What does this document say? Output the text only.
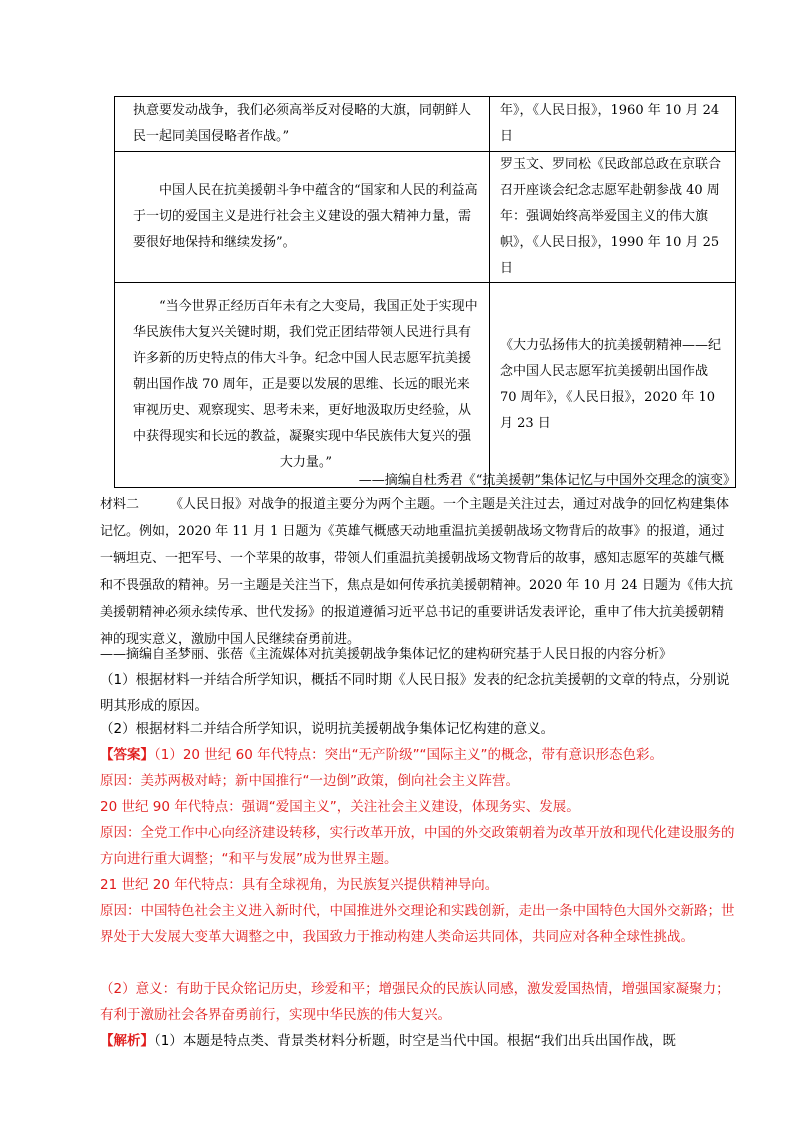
执意要发动战争，我们必须高举反对侵略的大旗，同朝鲜人民一起同美国侵略者作战。”	年》，《人民日报》，1960 年 10 月 24 日

中国人民在抗美援朝斗争中蕴含的“国家和人民的利益高于一切的爱国主义是进行社会主义建设的强大精神力量，需要很好地保持和继续发扬”。	罗玉文、罗同松《民政部总政在京联合召开座谈会纪念志愿军赴朝参战 40 周年：强调始终高举爱国主义的伟大旗帜》，《人民日报》，1990 年 10 月 25 日

“当今世界正经历百年未有之大变局，我国正处于实现中华民族伟大复兴关键时期，我们党正团结带领人民进行具有许多新的历史特点的伟大斗争。纪念中国人民志愿军抗美援朝出国作战 70 周年，正是要以发展的思维、长远的眼光来审视历史、观察现实、思考未来，更好地汲取历史经验，从中获得现实和长远的教益，凝聚实现中华民族伟大复兴的强
大力量。”	《大力弘扬伟大的抗美援朝精神——纪念中国人民志愿军抗美援朝出国作战 70 周年》，《人民日报》，2020 年 10 月 23 日
——摘编自杜秀君《“抗美援朝”集体记忆与中国外交理念的演变》
材料二 《人民日报》对战争的报道主要分为两个主题。一个主题是关注过去，通过对战争的回忆构建集体记忆。例如，2020 年 11 月 1 日题为《英雄气概感天动地重温抗美援朝战场文物背后的故事》的报道，通过一辆坦克、一把军号、一个苹果的故事，带领人们重温抗美援朝战场文物背后的故事，感知志愿军的英雄气概和不畏强敌的精神。另一主题是关注当下，焦点是如何传承抗美援朝精神。2020 年 10 月 24 日题为《伟大抗美援朝精神必须永续传承、世代发扬》的报道遵循习近平总书记的重要讲话发表评论，重申了伟大抗美援朝精神的现实意义，激励中国人民继续奋勇前进。
——摘编自圣梦丽、张蓓《主流媒体对抗美援朝战争集体记忆的建构研究基于人民日报的内容分析》
（1）根据材料一并结合所学知识，概括不同时期《人民日报》发表的纪念抗美援朝的文章的特点，分别说明其形成的原因。
（2）根据材料二并结合所学知识，说明抗美援朝战争集体记忆构建的意义。
【答案】（1）20 世纪 60 年代特点：突出“无产阶级”“国际主义”的概念，带有意识形态色彩。
原因：美苏两极对峙；新中国推行“一边倒”政策，倒向社会主义阵营。
20 世纪 90 年代特点：强调“爱国主义”，关注社会主义建设，体现务实、发展。
原因：全党工作中心向经济建设转移，实行改革开放，中国的外交政策朝着为改革开放和现代化建设服务的方向进行重大调整；“和平与发展”成为世界主题。
21 世纪 20 年代特点：具有全球视角，为民族复兴提供精神导向。
原因：中国特色社会主义进入新时代，中国推进外交理论和实践创新，走出一条中国特色大国外交新路；世界处于大发展大变革大调整之中，我国致力于推动构建人类命运共同体，共同应对各种全球性挑战。
（2）意义：有助于民众铭记历史，珍爱和平；增强民众的民族认同感，激发爱国热情，增强国家凝聚力；有利于激励社会各界奋勇前行，实现中华民族的伟大复兴。
【解析】（1）本题是特点类、背景类材料分析题，时空是当代中国。根据“我们出兵出国作战，既
